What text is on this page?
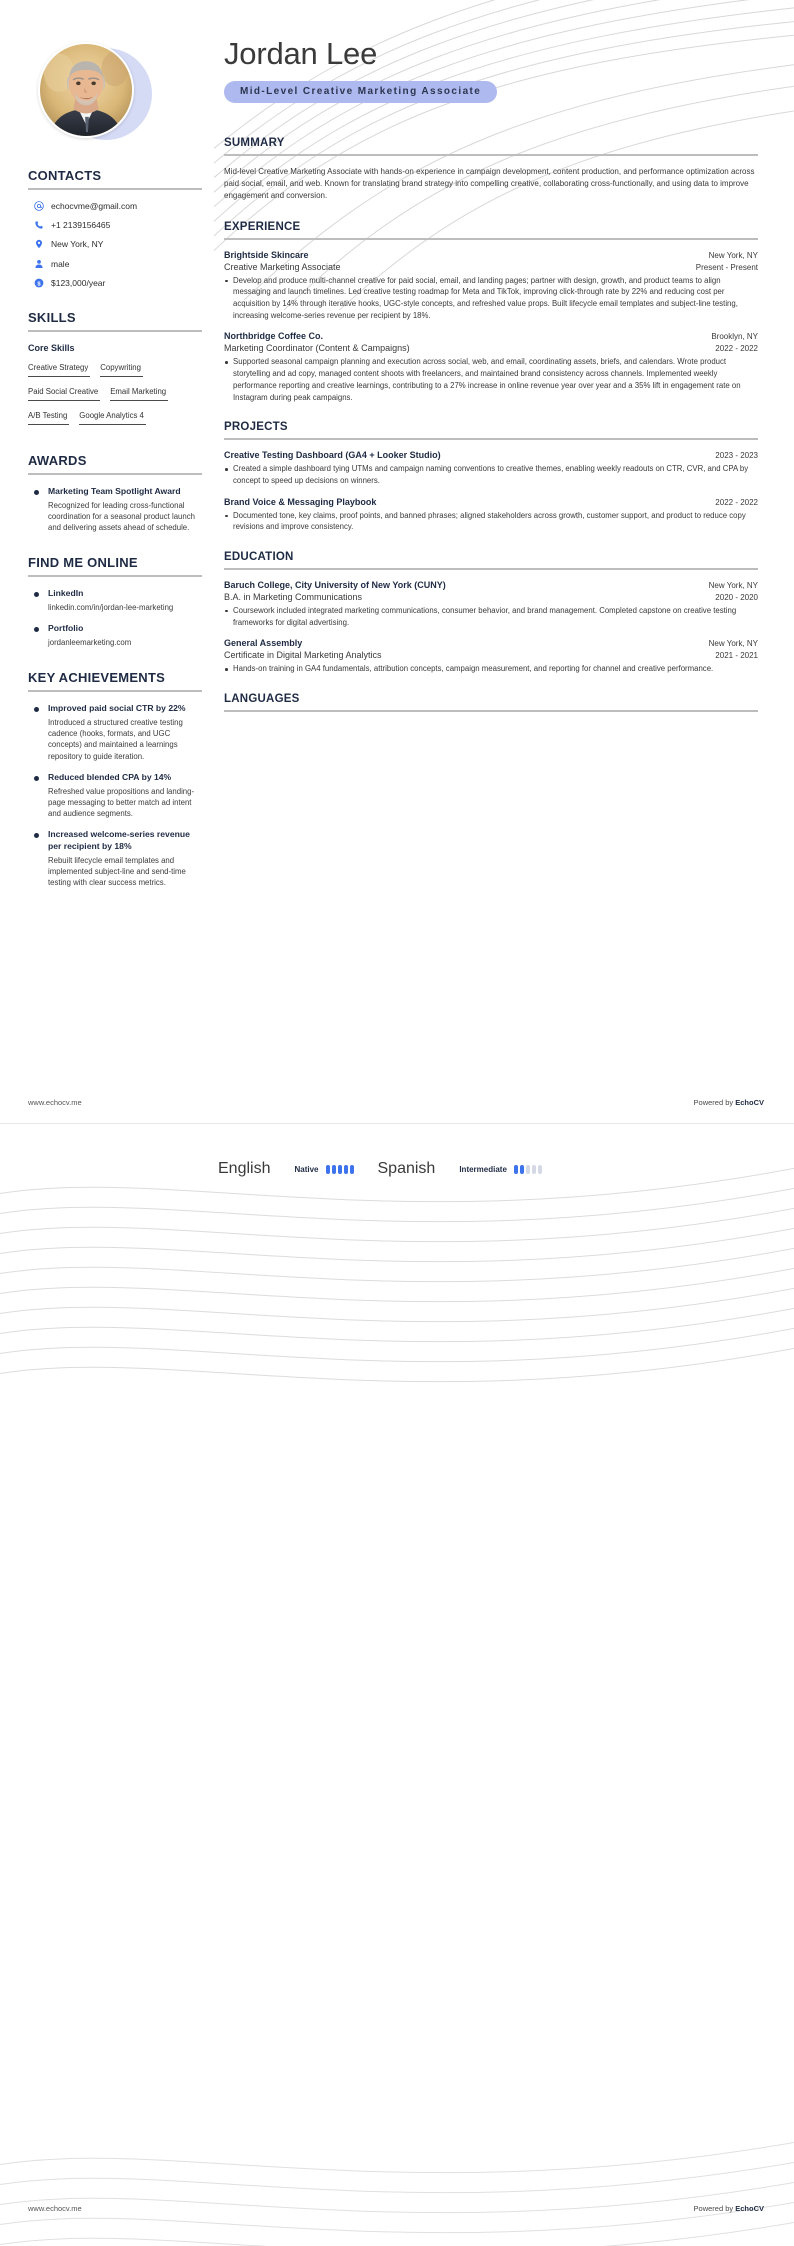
CONTACTS
echocvme@gmail.com
+1 2139156465
New York, NY
male
$ $123,000/year
SKILLS
Core Skills
Creative Strategy Copywriting
Paid Social Creative Email Marketing
A/B Testing Google Analytics 4
AWARDS
Marketing Team Spotlight Award
Recognized for leading cross-functional coordination for a seasonal product launch and delivering assets ahead of schedule.
FIND ME ONLINE
LinkedIn
linkedin.com/in/jordan-lee-marketing
Portfolio
jordanleemarketing.com
KEY ACHIEVEMENTS
Improved paid social CTR by 22%
Introduced a structured creative testing cadence (hooks, formats, and UGC concepts) and maintained a learnings repository to guide iteration.
Reduced blended CPA by 14%
Refreshed value propositions and landing-page messaging to better match ad intent and audience segments.
Increased welcome-series revenue per recipient by 18%
Rebuilt lifecycle email templates and implemented subject-line and send-time testing with clear success metrics.
Jordan Lee
Mid-Level Creative Marketing Associate
SUMMARY
Mid-level Creative Marketing Associate with hands-on experience in campaign development, content production, and performance optimization across paid social, email, and web. Known for translating brand strategy into compelling creative, collaborating cross-functionally, and using data to improve engagement and conversion.
EXPERIENCE
Brightside Skincare	New York, NY
Creative Marketing Associate	Present - Present
Develop and produce multi-channel creative for paid social, email, and landing pages; partner with design, growth, and product teams to align messaging and launch timelines. Led creative testing roadmap for Meta and TikTok, improving click-through rate by 22% and reducing cost per acquisition by 14% through iterative hooks, UGC-style concepts, and refreshed value props. Built lifecycle email templates and subject-line testing, increasing welcome-series revenue per recipient by 18%.
Northbridge Coffee Co.	Brooklyn, NY
Marketing Coordinator (Content & Campaigns)	2022 - 2022
Supported seasonal campaign planning and execution across social, web, and email, coordinating assets, briefs, and calendars. Wrote product storytelling and ad copy, managed content shoots with freelancers, and maintained brand consistency across channels. Implemented weekly performance reporting and creative learnings, contributing to a 27% increase in online revenue year over year and a 35% lift in engagement rate on Instagram during peak campaigns.
PROJECTS
Creative Testing Dashboard (GA4 + Looker Studio)	2023 - 2023
Created a simple dashboard tying UTMs and campaign naming conventions to creative themes, enabling weekly readouts on CTR, CVR, and CPA by concept to speed up decisions on winners.
Brand Voice & Messaging Playbook	2022 - 2022
Documented tone, key claims, proof points, and banned phrases; aligned stakeholders across growth, customer support, and product to reduce copy revisions and improve consistency.
EDUCATION
Baruch College, City University of New York (CUNY)	New York, NY
B.A. in Marketing Communications	2020 - 2020
Coursework included integrated marketing communications, consumer behavior, and brand management. Completed capstone on creative testing frameworks for digital advertising.
General Assembly	New York, NY
Certificate in Digital Marketing Analytics	2021 - 2021
Hands-on training in GA4 fundamentals, attribution concepts, campaign measurement, and reporting for channel and creative performance.
LANGUAGES
English	Native	Spanish	Intermediate
www.echocv.me	Powered by EchoCV
www.echocv.me	Powered by EchoCV
